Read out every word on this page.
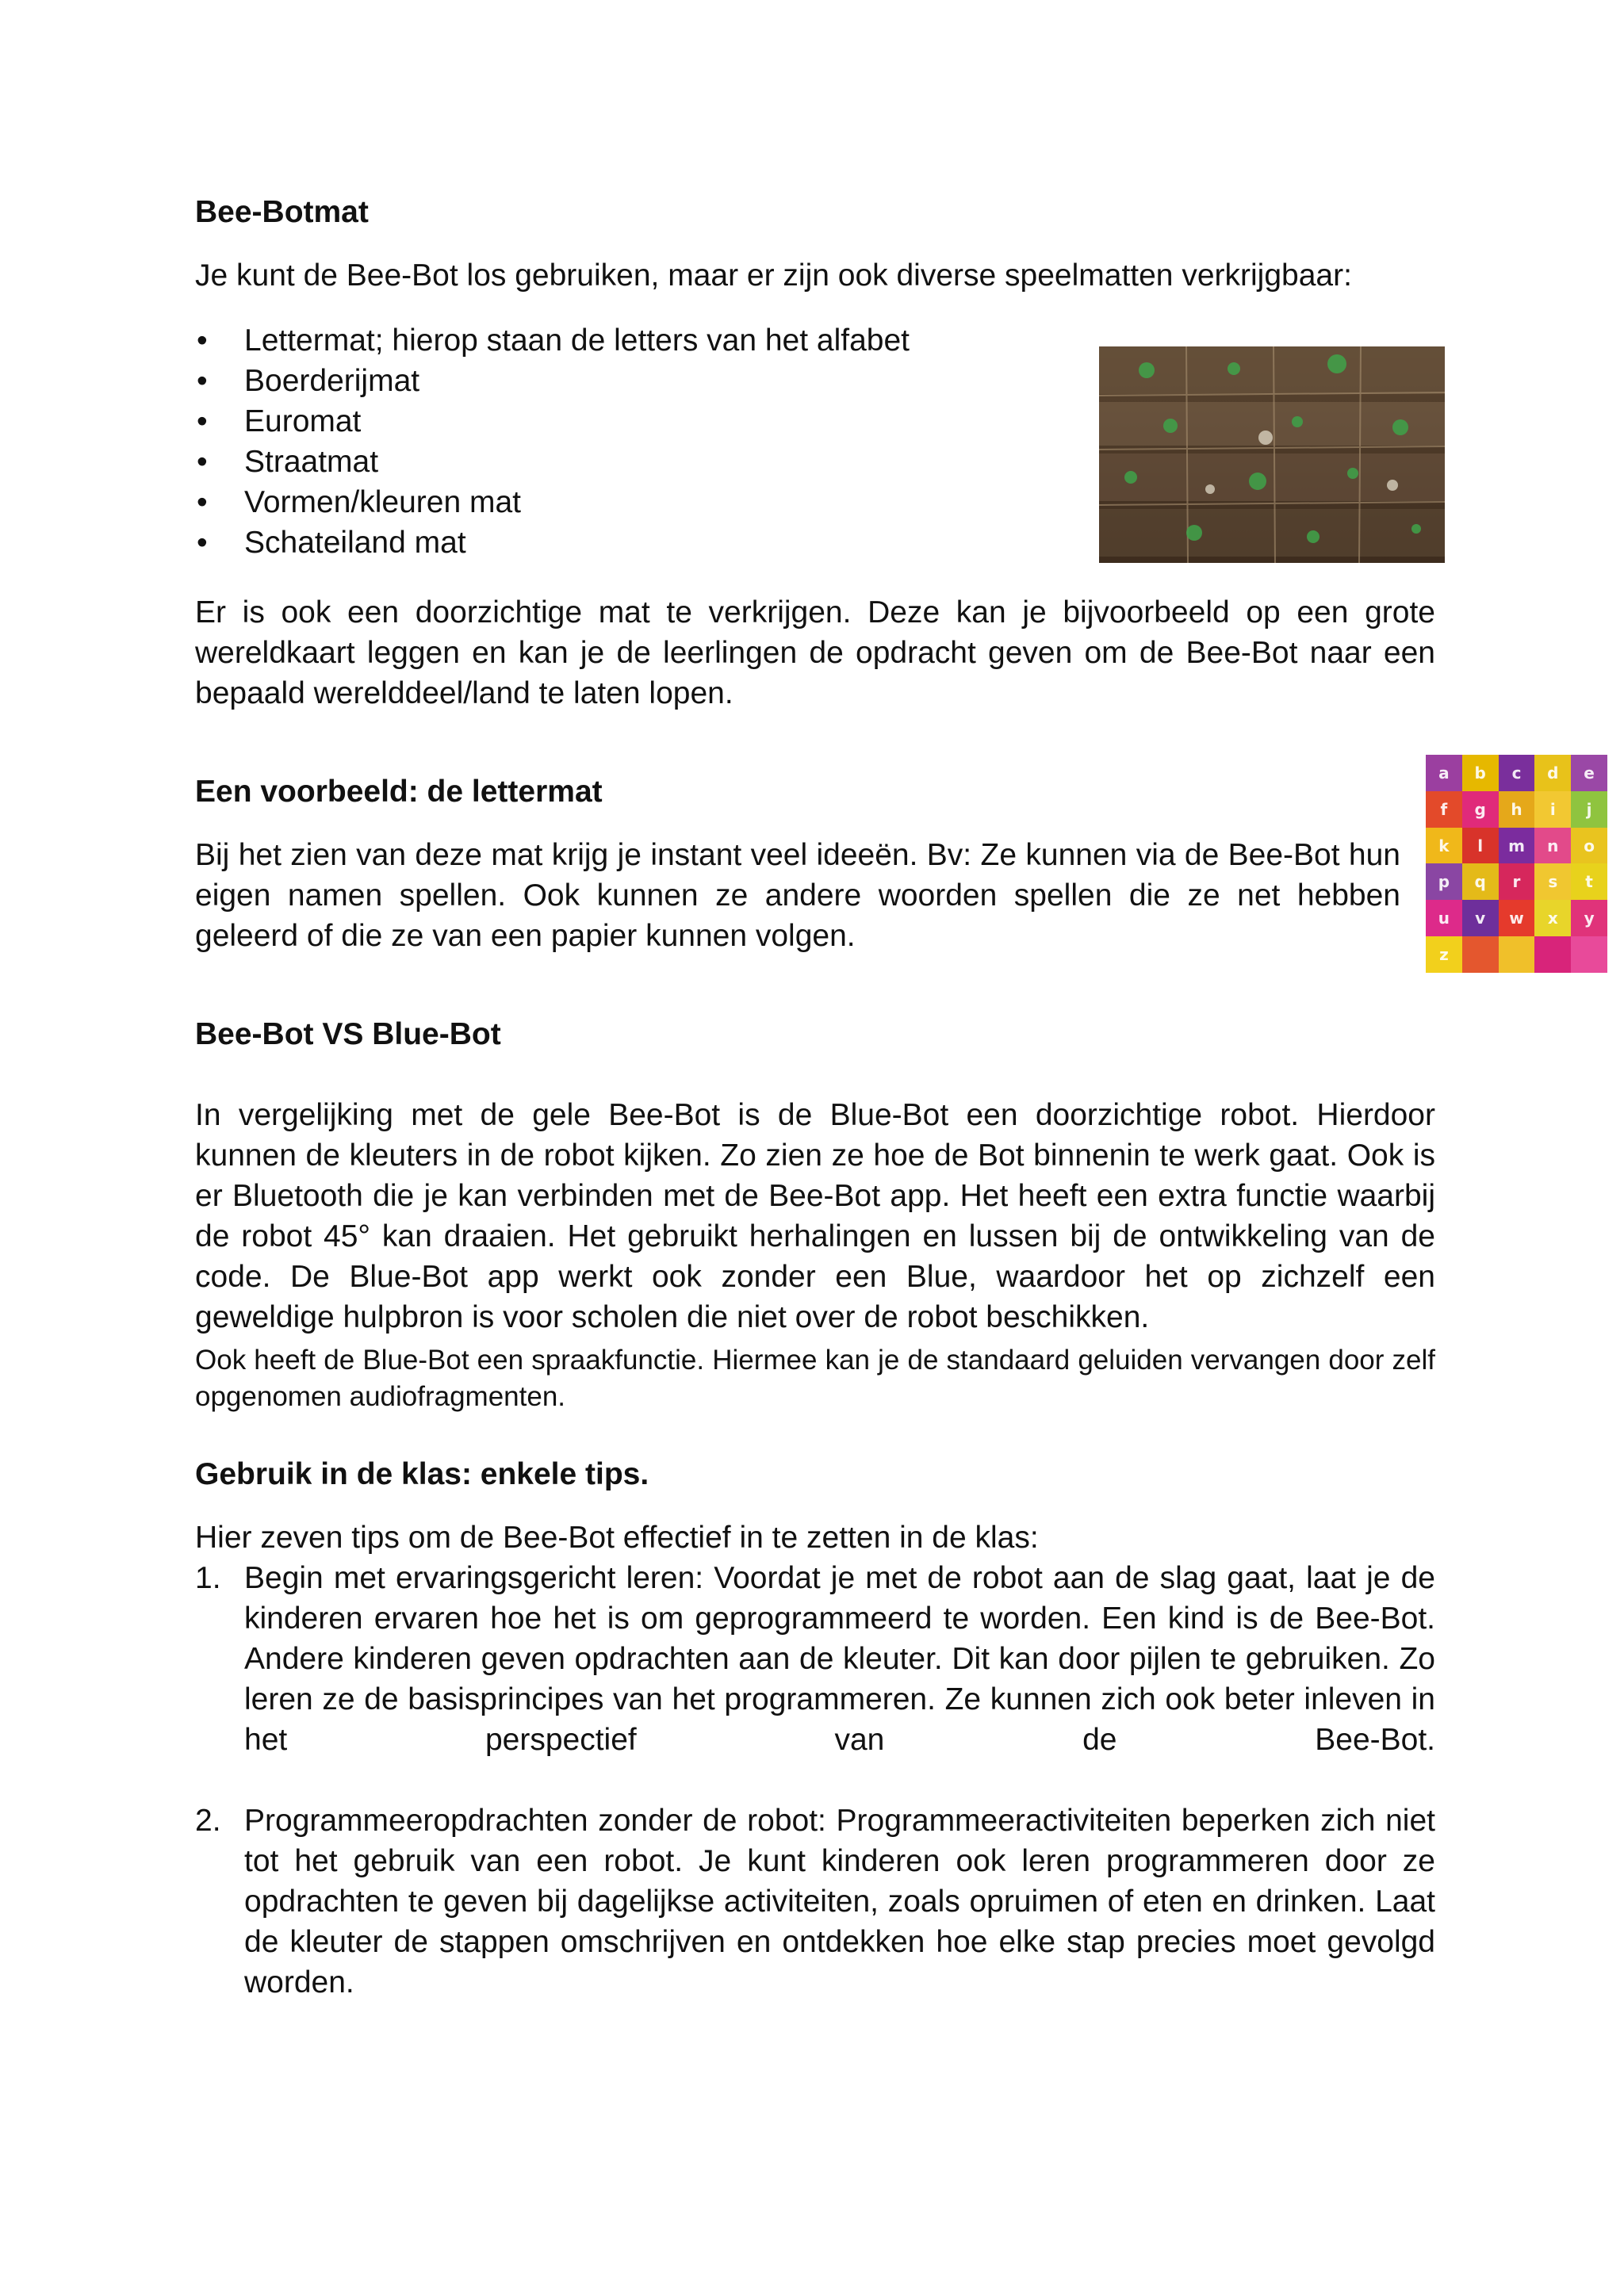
Bee-Botmat
Je kunt de Bee-Bot los gebruiken, maar er zijn ook diverse speelmatten verkrijgbaar:
• Lettermat; hierop staan de letters van het alfabet
• Boerderijmat
• Euromat
• Straatmat
• Vormen/kleuren mat
• Schateiland mat
Er is ook een doorzichtige mat te verkrijgen. Deze kan je bijvoorbeeld op een grote wereldkaart leggen en kan je de leerlingen de opdracht geven om de Bee-Bot naar een bepaald werelddeel/land te laten lopen.
Een voorbeeld: de lettermat
Bij het zien van deze mat krijg je instant veel ideeën. Bv: Ze kunnen via de Bee-Bot hun eigen namen spellen. Ook kunnen ze andere woorden spellen die ze net hebben geleerd of die ze van een papier kunnen volgen.
a	b	c	d	e
f	g	h	i	j
k	l	m	n	o
p	q	r	s	t
u	v	w	x	y
z
Bee-Bot VS Blue-Bot
In vergelijking met de gele Bee-Bot is de Blue-Bot een doorzichtige robot. Hierdoor kunnen de kleuters in de robot kijken. Zo zien ze hoe de Bot binnenin te werk gaat. Ook is er Bluetooth die je kan verbinden met de Bee-Bot app. Het heeft een extra functie waarbij de robot 45° kan draaien. Het gebruikt herhalingen en lussen bij de ontwikkeling van de code. De Blue-Bot app werkt ook zonder een Blue, waardoor het op zichzelf een geweldige hulpbron is voor scholen die niet over de robot beschikken.
Ook heeft de Blue-Bot een spraakfunctie. Hiermee kan je de standaard geluiden vervangen door zelf opgenomen audiofragmenten.
Gebruik in de klas: enkele tips.
Hier zeven tips om de Bee-Bot effectief in te zetten in de klas:
1. Begin met ervaringsgericht leren: Voordat je met de robot aan de slag gaat, laat je de kinderen ervaren hoe het is om geprogrammeerd te worden. Een kind is de Bee-Bot. Andere kinderen geven opdrachten aan de kleuter. Dit kan door pijlen te gebruiken. Zo leren ze de basisprincipes van het programmeren. Ze kunnen zich ook beter inleven in het perspectief van de Bee-Bot.
2. Programmeeropdrachten zonder de robot: Programmeeractiviteiten beperken zich niet tot het gebruik van een robot. Je kunt kinderen ook leren programmeren door ze opdrachten te geven bij dagelijkse activiteiten, zoals opruimen of eten en drinken. Laat de kleuter de stappen omschrijven en ontdekken hoe elke stap precies moet gevolgd worden.
